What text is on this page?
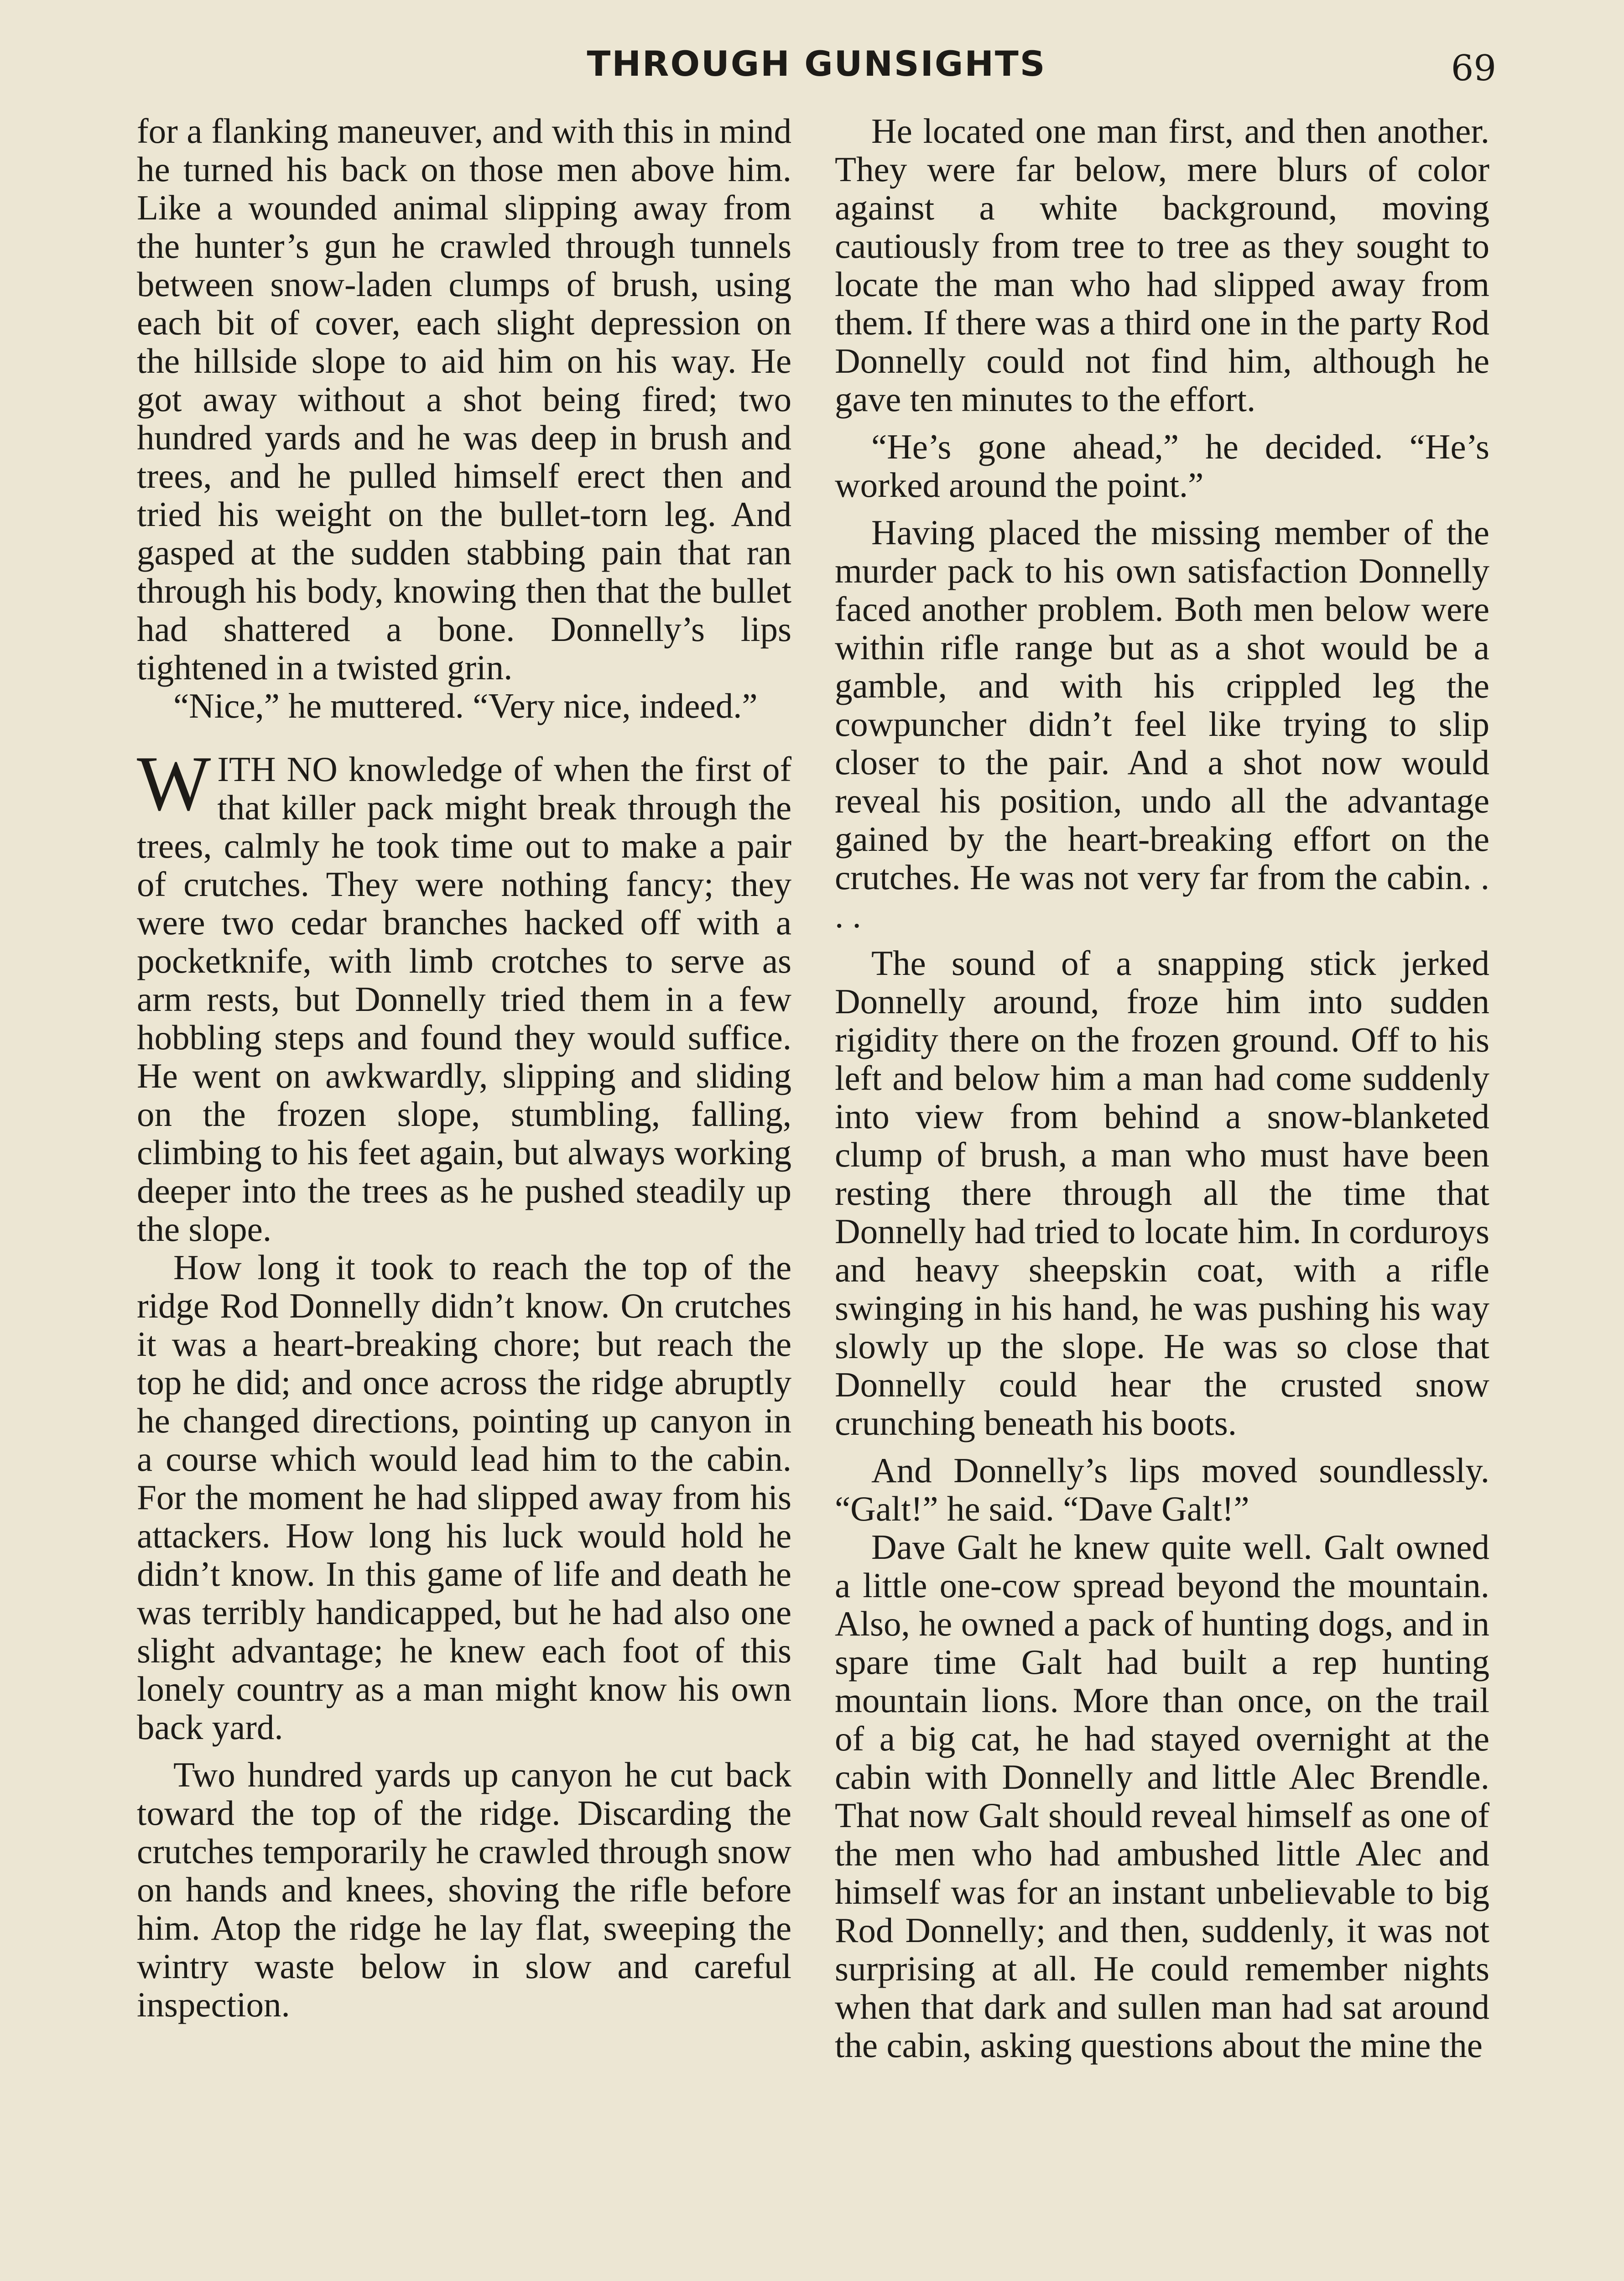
THROUGH GUNSIGHTS	69

for a flanking maneuver, and with this in mind he turned his back on those men above him. Like a wounded animal slipping away from the hunter’s gun he crawled through tunnels between snow-laden clumps of brush, using each bit of cover, each slight depression on the hillside slope to aid him on his way. He got away without a shot being fired; two hundred yards and he was deep in brush and trees, and he pulled himself erect then and tried his weight on the bullet-torn leg. And gasped at the sudden stabbing pain that ran through his body, knowing then that the bullet had shattered a bone. Donnelly’s lips tightened in a twisted grin.

“Nice,” he muttered. “Very nice, indeed.”

WITH NO knowledge of when the first of that killer pack might break through the trees, calmly he took time out to make a pair of crutches. They were nothing fancy; they were two cedar branches hacked off with a pocketknife, with limb crotches to serve as arm rests, but Donnelly tried them in a few hobbling steps and found they would suffice. He went on awkwardly, slipping and sliding on the frozen slope, stumbling, falling, climbing to his feet again, but always working deeper into the trees as he pushed steadily up the slope.

How long it took to reach the top of the ridge Rod Donnelly didn’t know. On crutches it was a heart-breaking chore; but reach the top he did; and once across the ridge abruptly he changed directions, pointing up canyon in a course which would lead him to the cabin. For the moment he had slipped away from his attackers. How long his luck would hold he didn’t know. In this game of life and death he was terribly handicapped, but he had also one slight advantage; he knew each foot of this lonely country as a man might know his own back yard.

Two hundred yards up canyon he cut back toward the top of the ridge. Discarding the crutches temporarily he crawled through snow on hands and knees, shoving the rifle before him. Atop the ridge he lay flat, sweeping the wintry waste below in slow and careful inspection.

He located one man first, and then another. They were far below, mere blurs of color against a white background, moving cautiously from tree to tree as they sought to locate the man who had slipped away from them. If there was a third one in the party Rod Donnelly could not find him, although he gave ten minutes to the effort.

“He’s gone ahead,” he decided. “He’s worked around the point.”

Having placed the missing member of the murder pack to his own satisfaction Donnelly faced another problem. Both men below were within rifle range but as a shot would be a gamble, and with his crippled leg the cowpuncher didn’t feel like trying to slip closer to the pair. And a shot now would reveal his position, undo all the advantage gained by the heart-breaking effort on the crutches. He was not very far from the cabin. . . .

The sound of a snapping stick jerked Donnelly around, froze him into sudden rigidity there on the frozen ground. Off to his left and below him a man had come suddenly into view from behind a snow-blanketed clump of brush, a man who must have been resting there through all the time that Donnelly had tried to locate him. In corduroys and heavy sheepskin coat, with a rifle swinging in his hand, he was pushing his way slowly up the slope. He was so close that Donnelly could hear the crusted snow crunching beneath his boots.

And Donnelly’s lips moved soundlessly. “Galt!” he said. “Dave Galt!”

Dave Galt he knew quite well. Galt owned a little one-cow spread beyond the mountain. Also, he owned a pack of hunting dogs, and in spare time Galt had built a rep hunting mountain lions. More than once, on the trail of a big cat, he had stayed overnight at the cabin with Donnelly and little Alec Brendle. That now Galt should reveal himself as one of the men who had ambushed little Alec and himself was for an instant unbelievable to big Rod Donnelly; and then, suddenly, it was not surprising at all. He could remember nights when that dark and sullen man had sat around the cabin, asking questions about the mine the
